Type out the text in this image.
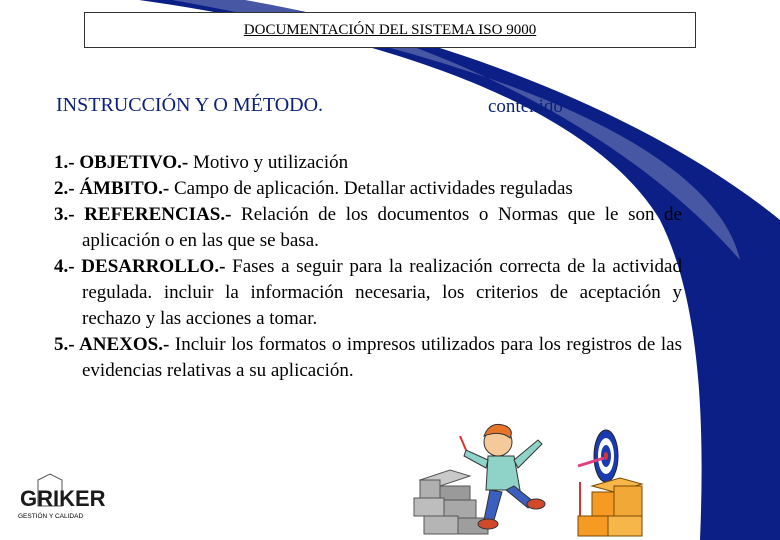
DOCUMENTACIÓN DEL SISTEMA ISO 9000
INSTRUCCIÓN Y O MÉTODO.	contenido

1.- OBJETIVO.- Motivo y utilización

2.- ÁMBITO.- Campo de aplicación. Detallar actividades reguladas

3.- REFERENCIAS.- Relación de los documentos o Normas que le son de aplicación o en las que se basa.

4.- DESARROLLO.- Fases a seguir para la realización correcta de la actividad regulada. incluir la información necesaria, los criterios de aceptación y rechazo y las acciones a tomar.

5.- ANEXOS.- Incluir los formatos o impresos utilizados para los registros de las evidencias relativas a su aplicación.

GRIKER
GESTIÓN Y CALIDAD
